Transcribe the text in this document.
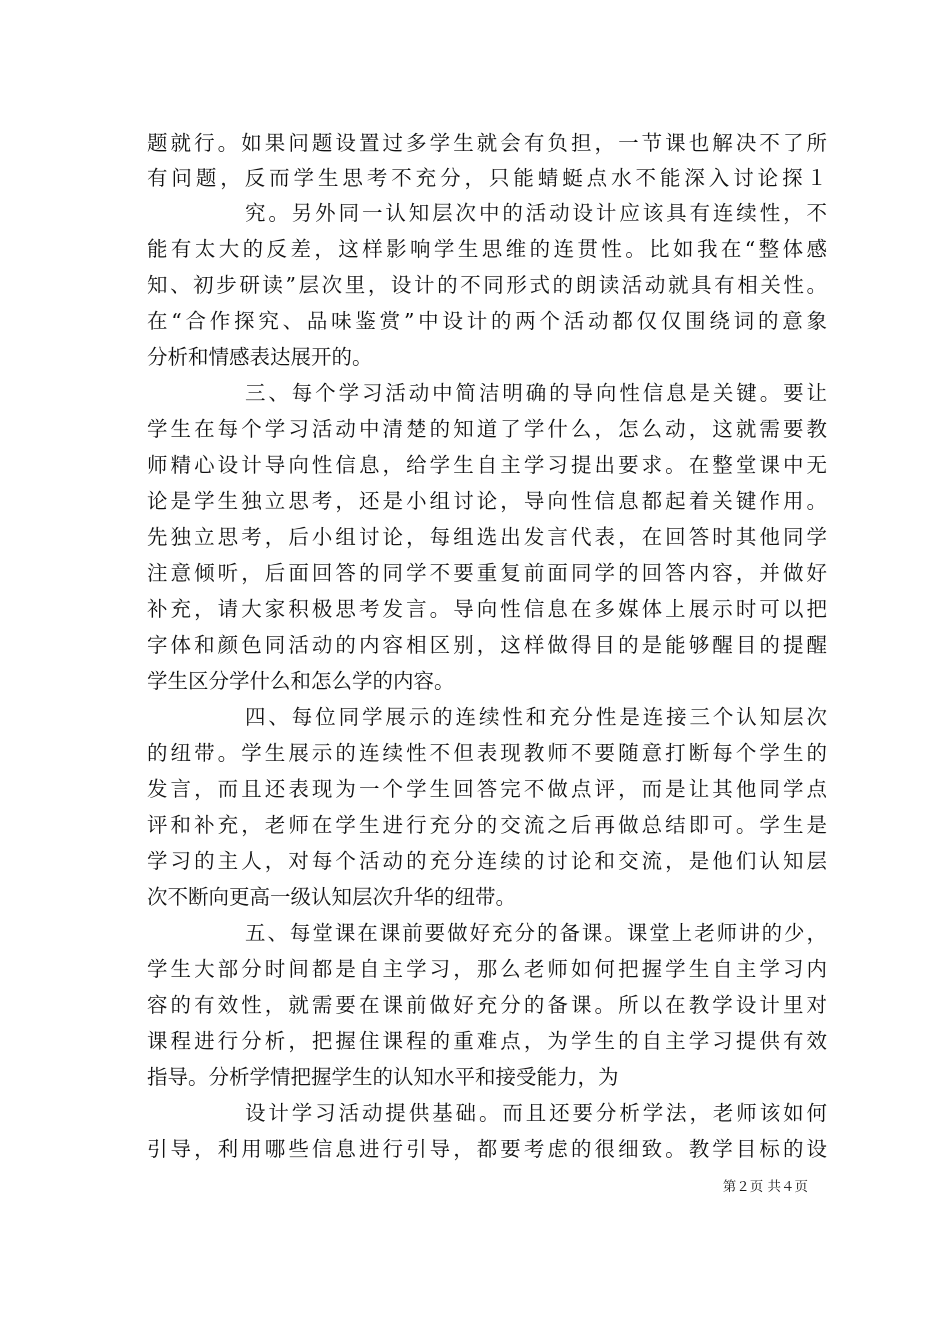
题就行。如果问题设置过多学生就会有负担，一节课也解决不了所
有问题，反而学生思考不充分，只能蜻蜓点水不能深入讨论探１
究。另外同一认知层次中的活动设计应该具有连续性，不
能有太大的反差，这样影响学生思维的连贯性。比如我在“整体感
知、初步研读”层次里，设计的不同形式的朗读活动就具有相关性。
在“合作探究、品味鉴赏”中设计的两个活动都仅仅围绕词的意象
分析和情感表达展开的。
三、每个学习活动中简洁明确的导向性信息是关键。要让
学生在每个学习活动中清楚的知道了学什么，怎么动，这就需要教
师精心设计导向性信息，给学生自主学习提出要求。在整堂课中无
论是学生独立思考，还是小组讨论，导向性信息都起着关键作用。
先独立思考，后小组讨论，每组选出发言代表，在回答时其他同学
注意倾听，后面回答的同学不要重复前面同学的回答内容，并做好
补充，请大家积极思考发言。导向性信息在多媒体上展示时可以把
字体和颜色同活动的内容相区别，这样做得目的是能够醒目的提醒
学生区分学什么和怎么学的内容。
四、每位同学展示的连续性和充分性是连接三个认知层次
的纽带。学生展示的连续性不但表现教师不要随意打断每个学生的
发言，而且还表现为一个学生回答完不做点评，而是让其他同学点
评和补充，老师在学生进行充分的交流之后再做总结即可。学生是
学习的主人，对每个活动的充分连续的讨论和交流，是他们认知层
次不断向更高一级认知层次升华的纽带。
五、每堂课在课前要做好充分的备课。课堂上老师讲的少，
学生大部分时间都是自主学习，那么老师如何把握学生自主学习内
容的有效性，就需要在课前做好充分的备课。所以在教学设计里对
课程进行分析，把握住课程的重难点，为学生的自主学习提供有效
指导。分析学情把握学生的认知水平和接受能力，为
设计学习活动提供基础。而且还要分析学法，老师该如何
引导，利用哪些信息进行引导，都要考虑的很细致。教学目标的设
第２页 共４页
